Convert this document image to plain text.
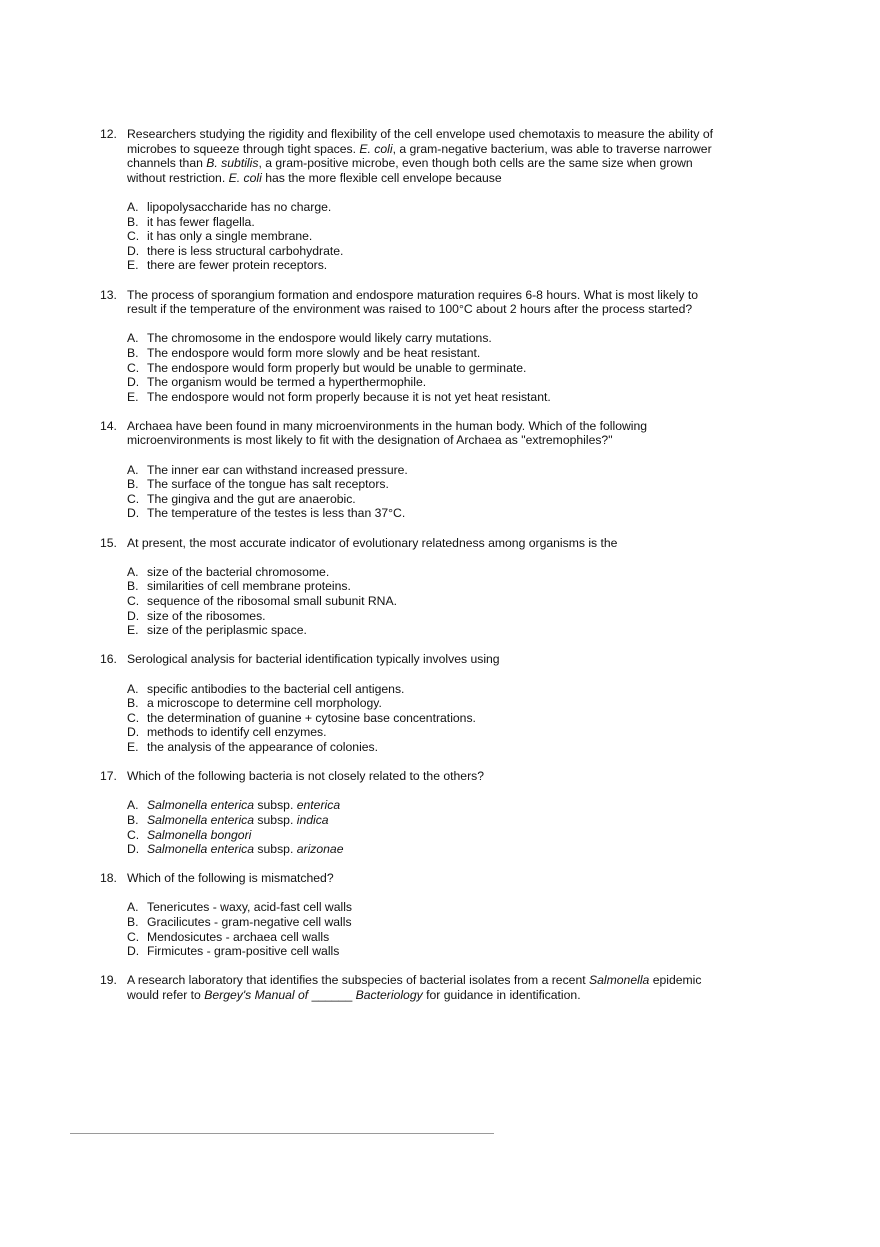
12. Researchers studying the rigidity and flexibility of the cell envelope used chemotaxis to measure the ability of microbes to squeeze through tight spaces. E. coli, a gram-negative bacterium, was able to traverse narrower channels than B. subtilis, a gram-positive microbe, even though both cells are the same size when grown without restriction. E. coli has the more flexible cell envelope because
A. lipopolysaccharide has no charge.
B. it has fewer flagella.
C. it has only a single membrane.
D. there is less structural carbohydrate.
E. there are fewer protein receptors.
13. The process of sporangium formation and endospore maturation requires 6-8 hours. What is most likely to result if the temperature of the environment was raised to 100°C about 2 hours after the process started?
A. The chromosome in the endospore would likely carry mutations.
B. The endospore would form more slowly and be heat resistant.
C. The endospore would form properly but would be unable to germinate.
D. The organism would be termed a hyperthermophile.
E. The endospore would not form properly because it is not yet heat resistant.
14. Archaea have been found in many microenvironments in the human body. Which of the following microenvironments is most likely to fit with the designation of Archaea as "extremophiles?"
A. The inner ear can withstand increased pressure.
B. The surface of the tongue has salt receptors.
C. The gingiva and the gut are anaerobic.
D. The temperature of the testes is less than 37°C.
15. At present, the most accurate indicator of evolutionary relatedness among organisms is the
A. size of the bacterial chromosome.
B. similarities of cell membrane proteins.
C. sequence of the ribosomal small subunit RNA.
D. size of the ribosomes.
E. size of the periplasmic space.
16. Serological analysis for bacterial identification typically involves using
A. specific antibodies to the bacterial cell antigens.
B. a microscope to determine cell morphology.
C. the determination of guanine + cytosine base concentrations.
D. methods to identify cell enzymes.
E. the analysis of the appearance of colonies.
17. Which of the following bacteria is not closely related to the others?
A. Salmonella enterica subsp. enterica
B. Salmonella enterica subsp. indica
C. Salmonella bongori
D. Salmonella enterica subsp. arizonae
18. Which of the following is mismatched?
A. Tenericutes - waxy, acid-fast cell walls
B. Gracilicutes - gram-negative cell walls
C. Mendosicutes - archaea cell walls
D. Firmicutes - gram-positive cell walls
19. A research laboratory that identifies the subspecies of bacterial isolates from a recent Salmonella epidemic would refer to Bergey's Manual of ______ Bacteriology for guidance in identification.
